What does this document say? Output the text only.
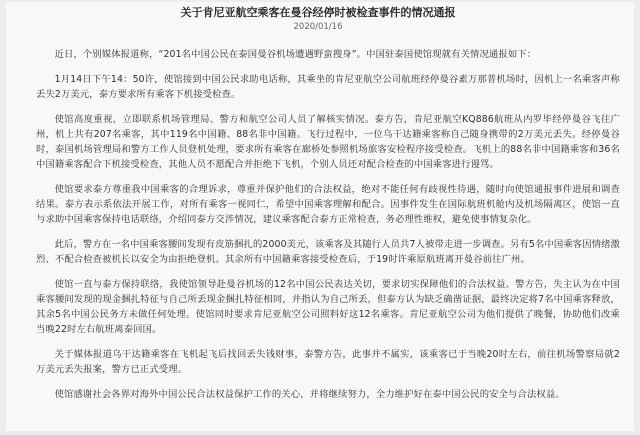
关于肯尼亚航空乘客在曼谷经停时被检查事件的情况通报
2020/01/16

近日，个别媒体报道称，“201名中国公民在泰国曼谷机场遭遇野蛮搜身”。中国驻泰国使馆现就有关情况通报如下：

1月14日下午14：50许，使馆接到中国公民求助电话称，其乘坐的肯尼亚航空公司航班经停曼谷素万那普机场时，因机上一名乘客声称丢失2万美元，泰方要求所有乘客下机接受检查。

使馆高度重视，立即联系机场管理局、警方和航空公司人员了解核实情况。泰方告，肯尼亚航空KQ886航班从内罗毕经停曼谷飞往广州，机上共有207名乘客，其中119名中国籍、88名非中国籍。飞行过程中，一位乌干达籍乘客称自己随身携带的2万美元丢失。经停曼谷时，泰国机场管理局和警方工作人员登机处理，要求所有乘客在廊桥处参照机场旅客安检程序接受检查。飞机上的88名非中国籍乘客和36名中国籍乘客配合下机接受检查，其他人员不愿配合并拒绝下飞机，个别人员还对配合检查的中国乘客进行谩骂。

使馆要求泰方尊重我中国乘客的合理诉求，尊重并保护他们的合法权益，绝对不能任何有歧视性待遇，随时向使馆通报事件进展和调查结果。泰方表示系依法开展工作，对所有乘客一视同仁，希望中国乘客理解和配合。因事件发生在国际航班机舱内及机场隔离区，使馆一直与求助中国乘客保持电话联络，介绍同泰方交涉情况，建议乘客配合泰方正常检查，务必理性维权，避免使事情复杂化。

此后，警方在一名中国乘客腰间发现有皮筋捆扎的2000美元，该乘客及其随行人员共7人被带走进一步调查。另有5名中国乘客因情绪激烈、不配合检查被机长以安全为由拒绝登机。其余所有中国籍乘客接受检查后，于19时许乘原航班离开曼谷前往广州。

使馆一直与泰方保持联络，我使馆领导赴曼谷机场的12名中国公民表达关切，要求切实保障他们的合法权益。警方告，失主认为在中国乘客腰间发现的现金捆扎特征与自己所丢现金捆扎特征相同，并指认为自己所丢，但泰方认为缺乏确凿证据，最终决定将7名中国乘客释放，其余5名中国公民务方未做任何处理。使馆同时要求肯尼亚航空公司照料好这12名乘客。肯尼亚航空公司为他们提供了晚餐，协助他们改乘当晚22时左右航班离泰回国。

关于媒体报道乌干达籍乘客在飞机起飞后找回丢失钱财事，泰警方告，此事并不属实，该乘客已于当晚20时左右，前往机场警察局就2万美元丢失报案，警方已正式受理。

使馆感谢社会各界对海外中国公民合法权益保护工作的关心，并将继续努力，全力维护好在泰中国公民的安全与合法权益。
